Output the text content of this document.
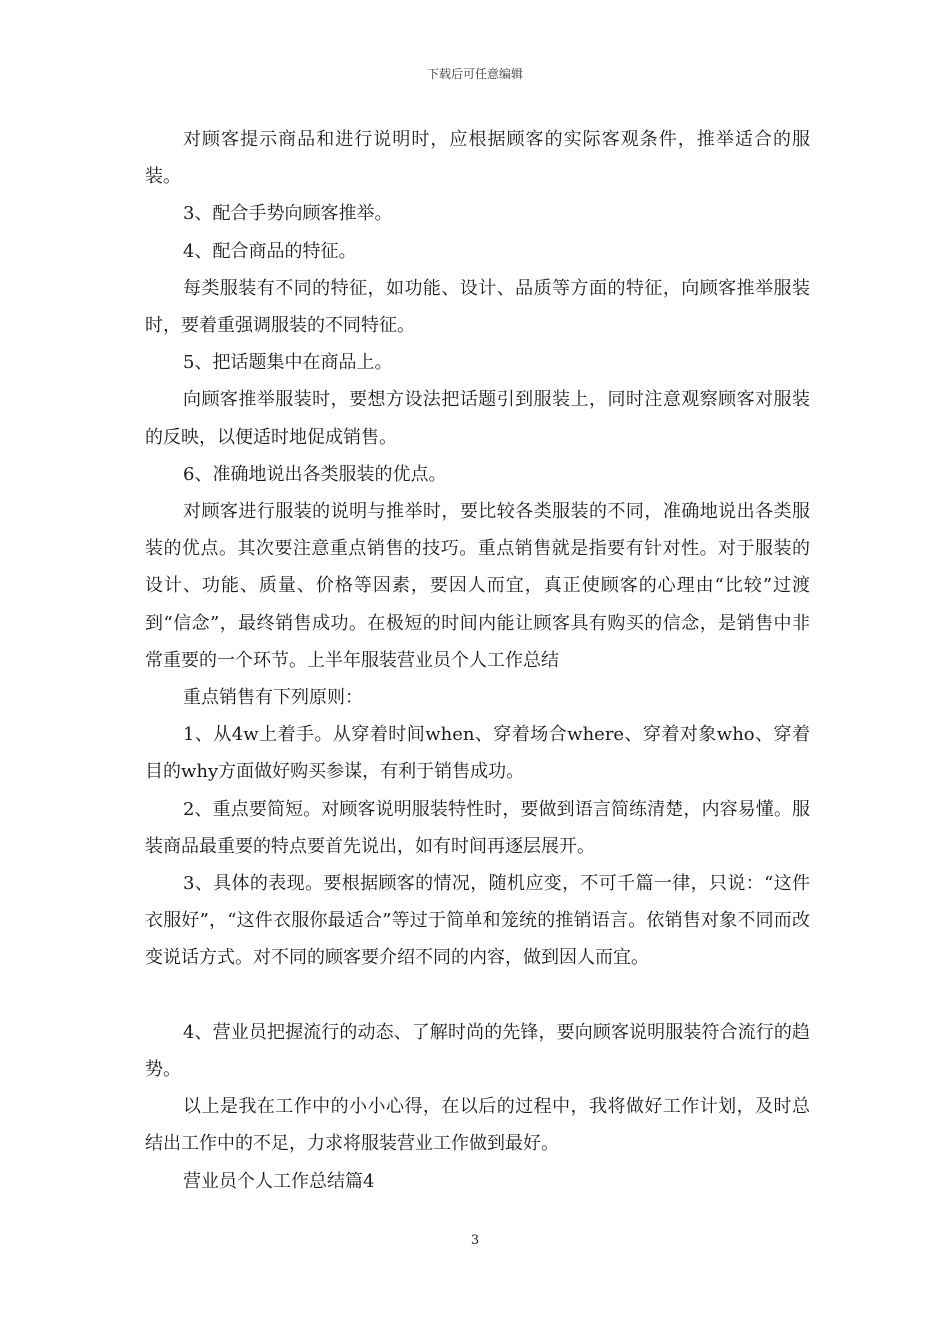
下载后可任意编辑

对顾客提示商品和进行说明时，应根据顾客的实际客观条件，推举适合的服装。

3、配合手势向顾客推举。

4、配合商品的特征。

每类服装有不同的特征，如功能、设计、品质等方面的特征，向顾客推举服装时，要着重强调服装的不同特征。

5、把话题集中在商品上。

向顾客推举服装时，要想方设法把话题引到服装上，同时注意观察顾客对服装的反映，以便适时地促成销售。

6、准确地说出各类服装的优点。

对顾客进行服装的说明与推举时，要比较各类服装的不同，准确地说出各类服装的优点。其次要注意重点销售的技巧。重点销售就是指要有针对性。对于服装的设计、功能、质量、价格等因素，要因人而宜，真正使顾客的心理由“比较”过渡到“信念”，最终销售成功。在极短的时间内能让顾客具有购买的信念，是销售中非常重要的一个环节。上半年服装营业员个人工作总结

重点销售有下列原则：

1、从4w上着手。从穿着时间when、穿着场合where、穿着对象who、穿着目的why方面做好购买参谋，有利于销售成功。

2、重点要简短。对顾客说明服装特性时，要做到语言简练清楚，内容易懂。服装商品最重要的特点要首先说出，如有时间再逐层展开。

3、具体的表现。要根据顾客的情况，随机应变，不可千篇一律，只说：“这件衣服好”，“这件衣服你最适合”等过于简单和笼统的推销语言。依销售对象不同而改变说话方式。对不同的顾客要介绍不同的内容，做到因人而宜。

4、营业员把握流行的动态、了解时尚的先锋，要向顾客说明服装符合流行的趋势。

以上是我在工作中的小小心得，在以后的过程中，我将做好工作计划，及时总结出工作中的不足，力求将服装营业工作做到最好。

营业员个人工作总结篇4

3
